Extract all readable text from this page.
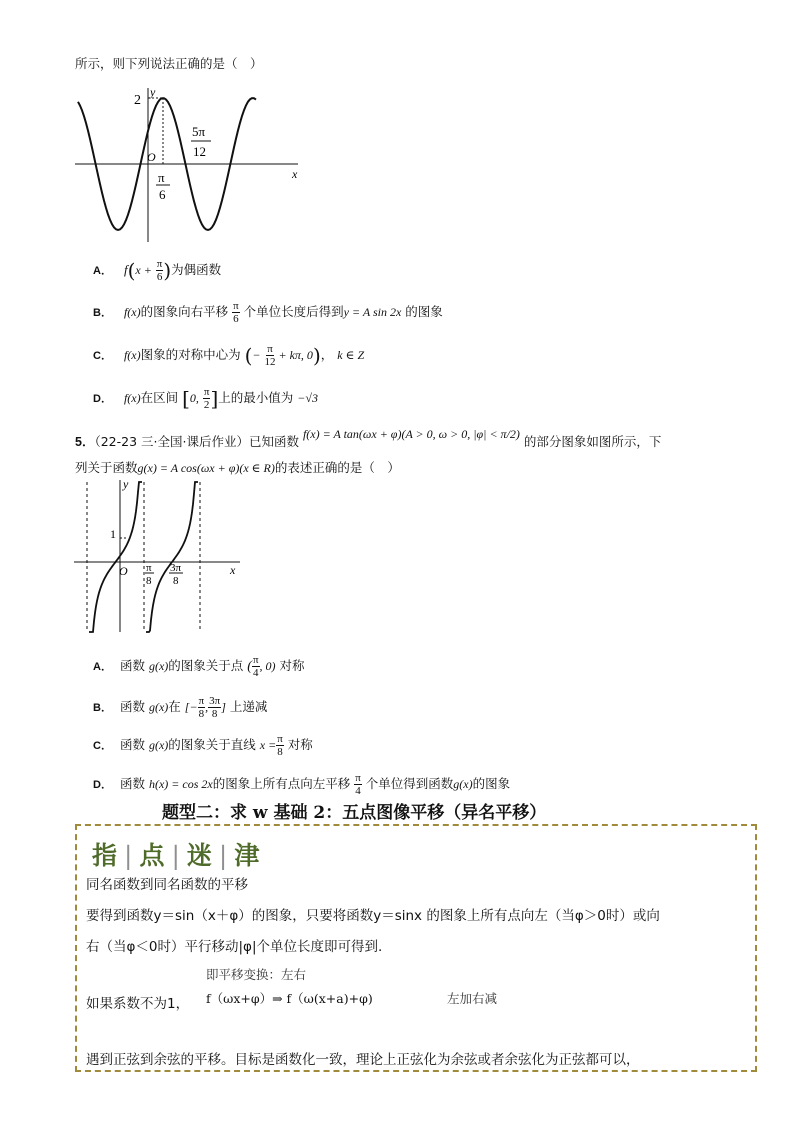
所示，则下列说法正确的是（　）
y
x
2
O
π
6
5π
12
A． $f(x + \frac{\pi}{6}$ )为偶函数
B． f(x)的图象向右平移 $\frac{\pi}{6}$ 个单位长度后得到y = A sin 2x 的图象
C． f(x)图象的对称中心为 (− $\frac{\pi}{12} + k\pi$, 0)， k ∈ Z
D． f(x)在区间 [0, $\frac{\pi}{2}$ ]上的最小值为 −√3
5．（22-23 三·全国·课后作业）已知函数 f(x) = A tan(ωx + φ)(A > 0, ω > 0, |φ| < π/2) 的部分图象如图所示，下
列关于函数g(x) = A cos(ωx + φ)(x ∈ R)的表述正确的是（　）
y
x
1
O π
8
3π
8
A． 函数 g(x)的图象关于点 ( $\frac{\pi}{4}$ , 0) 对称
B． 函数 g(x)在 [− $\frac{\pi}{8}$ , $\frac{3\pi}{8}$ ] 上递减
C． 函数 g(x)的图象关于直线 $x = \frac{\pi}{8}$ 对称
D． 函数 h(x) = cos 2x的图象上所有点向左平移 $\frac{\pi}{4}$ 个单位得到函数g(x)的图象
题型二：求 w 基础 2：五点图像平移（异名平移）
指 | 点 | 迷 | 津
同名函数到同名函数的平移
要得到函数y＝sin（x＋φ）的图象，只要将函数y＝sinx 的图象上所有点向左（当φ＞0时）或向
右（当φ＜0时）平行移动|φ|个单位长度即可得到.
即平移变换：左右
如果系数不为1， f（ωx+φ）⇒ f（ω(x+a)+φ)	左加右减
遇到正弦到余弦的平移。目标是函数化一致，理论上正弦化为余弦或者余弦化为正弦都可以，
